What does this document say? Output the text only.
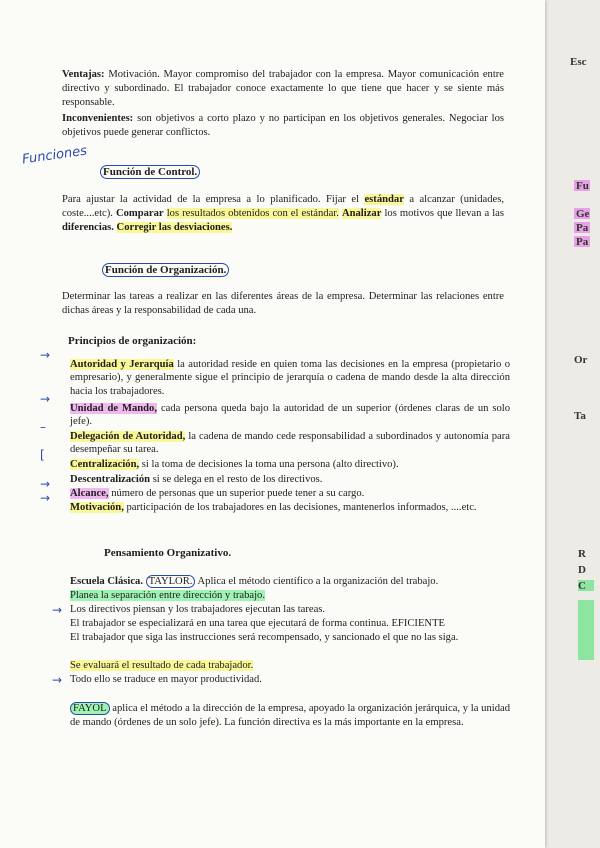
Ventajas: Motivación. Mayor compromiso del trabajador con la empresa. Mayor comunicación entre directivo y subordinado. El trabajador conoce exactamente lo que tiene que hacer y se siente más responsable.

Inconvenientes: son objetivos a corto plazo y no participan en los objetivos generales. Negociar los objetivos puede generar conflictos.

Funciones
Función de Control.

Para ajustar la actividad de la empresa a lo planificado. Fijar el estándar a alcanzar (unidades, coste....etc). Comparar los resultados obtenidos con el estándar. Analizar los motivos que llevan a las diferencias. Corregir las desviaciones.

Función de Organización.

Determinar las tareas a realizar en las diferentes áreas de la empresa. Determinar las relaciones entre dichas áreas y la responsabilidad de cada una.

Principios de organización:
→

Autoridad y Jerarquía la autoridad reside en quien toma las decisiones en la empresa (propietario o empresario), y generalmente sigue el principio de jerarquía o cadena de mando desde la alta dirección hacia los trabajadores.

→

Unidad de Mando, cada persona queda bajo la autoridad de un superior (órdenes claras de un solo jefe).

–

Delegación de Autoridad, la cadena de mando cede responsabilidad a subordinados y autonomía para desempeñar su tarea.

[

Centralización, si la toma de decisiones la toma una persona (alto directivo).

Descentralización si se delega en el resto de los directivos.

→

Alcance, número de personas que un superior puede tener a su cargo.

→

Motivación, participación de los trabajadores en las decisiones, mantenerlos informados, ....etc.

Pensamiento Organizativo.

Escuela Clásica. TAYLOR. Aplica el método científico a la organización del trabajo.

Planea la separación entre dirección y trabajo.

→ Los directivos piensan y los trabajadores ejecutan las tareas.

El trabajador se especializará en una tarea que ejecutará de forma continua. EFICIENTE

El trabajador que siga las instrucciones será recompensado, y sancionado el que no las siga.

Se evaluará el resultado de cada trabajador.

→ Todo ello se traduce en mayor productividad.

FAYOL aplica el método a la dirección de la empresa, apoyado la organización jerárquica, y la unidad de mando (órdenes de un solo jefe). La función directiva es la más importante en la empresa.

Esc
Fu
Ge
Pa
Pa
Or
Ta
R
D
C
